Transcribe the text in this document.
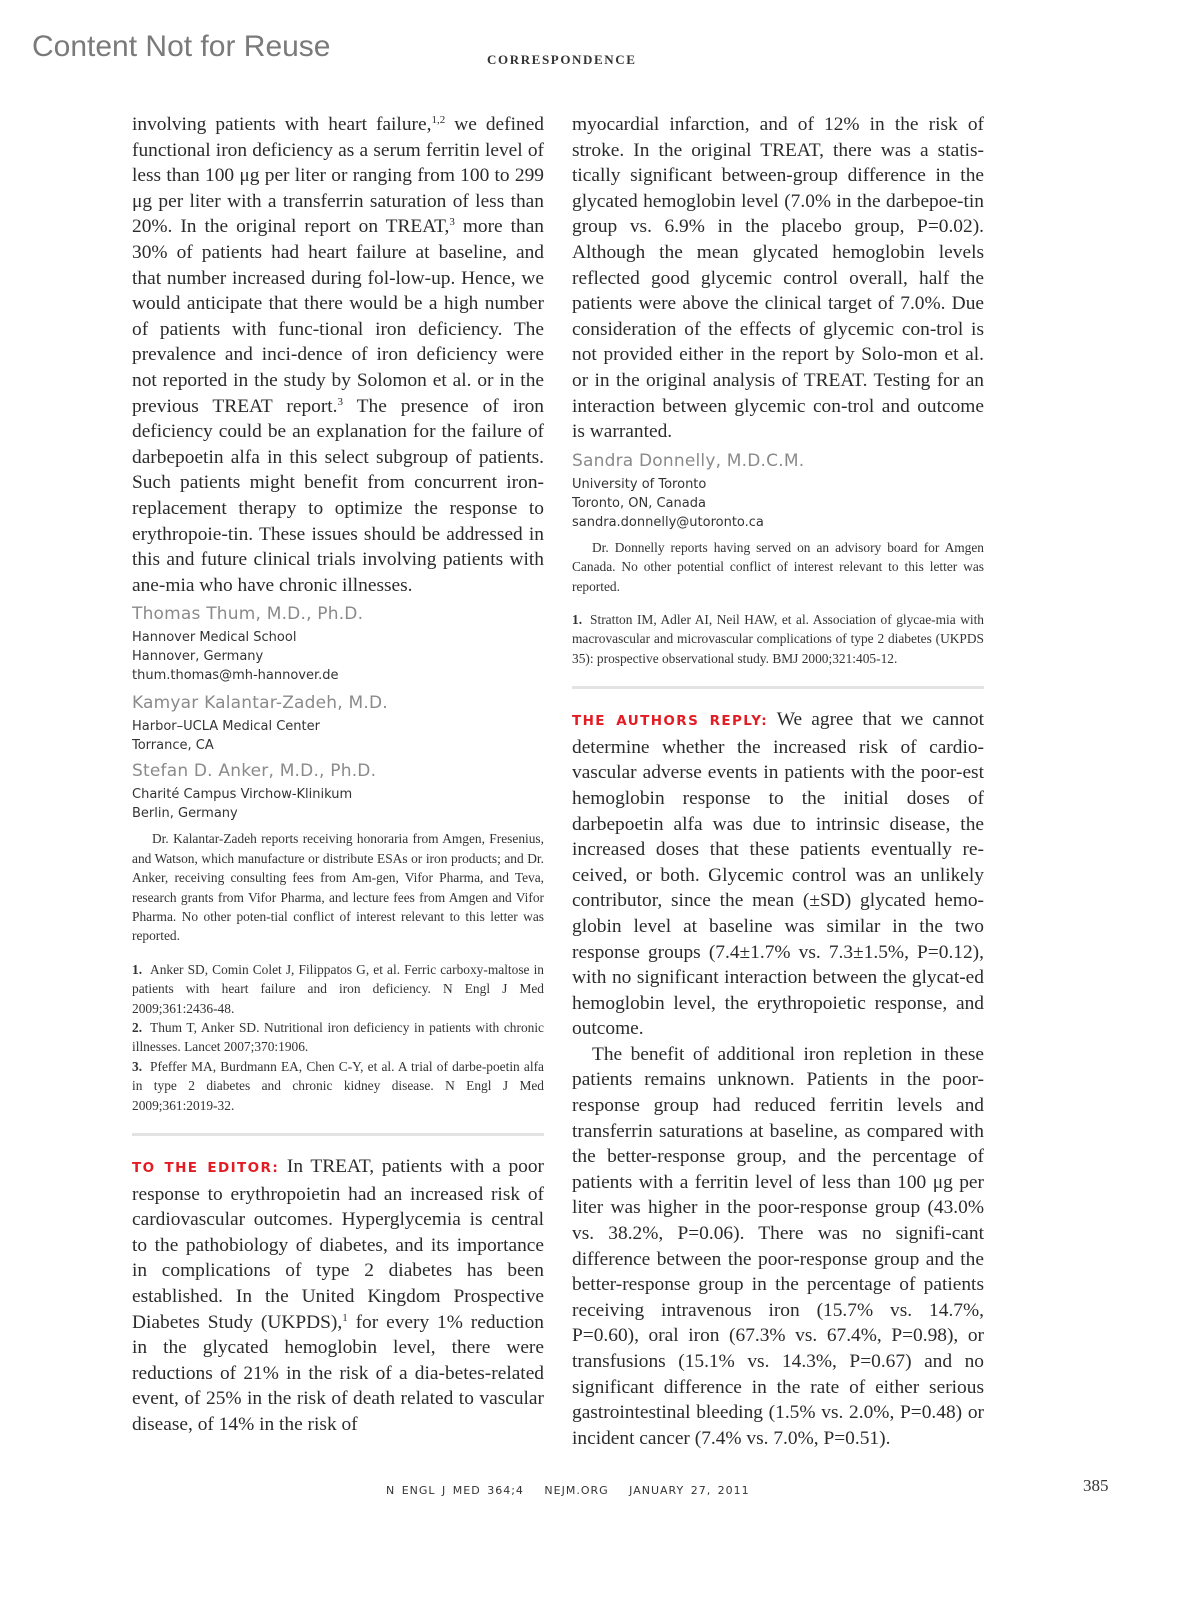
Content Not for Reuse	CORRESPONDENCE

involving patients with heart failure,$^{1,2}$ we defined functional iron deficiency as a serum ferritin level of less than 100 μg per liter or ranging from 100 to 299 μg per liter with a transferrin saturation of less than 20%. In the original report on TREAT,$^3$ more than 30% of patients had heart failure at baseline, and that number increased during fol-low-up. Hence, we would anticipate that there would be a high number of patients with func-tional iron deficiency. The prevalence and inci-dence of iron deficiency were not reported in the study by Solomon et al. or in the previous TREAT report.$^3$ The presence of iron deficiency could be an explanation for the failure of darbepoetin alfa in this select subgroup of patients. Such patients might benefit from concurrent iron-replacement therapy to optimize the response to erythropoie-tin. These issues should be addressed in this and future clinical trials involving patients with ane-mia who have chronic illnesses.

Thomas Thum, M.D., Ph.D.
Hannover Medical School
Hannover, Germany
thum.thomas@mh-hannover.de
Kamyar Kalantar-Zadeh, M.D.
Harbor–UCLA Medical Center
Torrance, CA
Stefan D. Anker, M.D., Ph.D.
Charité Campus Virchow-Klinikum
Berlin, Germany

Dr. Kalantar-Zadeh reports receiving honoraria from Amgen, Fresenius, and Watson, which manufacture or distribute ESAs or iron products; and Dr. Anker, receiving consulting fees from Am-gen, Vifor Pharma, and Teva, research grants from Vifor Pharma, and lecture fees from Amgen and Vifor Pharma. No other poten-tial conflict of interest relevant to this letter was reported.

1. Anker SD, Comin Colet J, Filippatos G, et al. Ferric carboxy-maltose in patients with heart failure and iron deficiency. N Engl J Med 2009;361:2436-48.

2. Thum T, Anker SD. Nutritional iron deficiency in patients with chronic illnesses. Lancet 2007;370:1906.

3. Pfeffer MA, Burdmann EA, Chen C-Y, et al. A trial of darbe-poetin alfa in type 2 diabetes and chronic kidney disease. N Engl J Med 2009;361:2019-32.

TO THE EDITOR: In TREAT, patients with a poor response to erythropoietin had an increased risk of cardiovascular outcomes. Hyperglycemia is central to the pathobiology of diabetes, and its importance in complications of type 2 diabetes has been established. In the United Kingdom Prospective Diabetes Study (UKPDS),$^1$ for every 1% reduction in the glycated hemoglobin level, there were reductions of 21% in the risk of a dia-betes-related event, of 25% in the risk of death related to vascular disease, of 14% in the risk of

myocardial infarction, and of 12% in the risk of stroke. In the original TREAT, there was a statis-tically significant between-group difference in the glycated hemoglobin level (7.0% in the darbepoe-tin group vs. 6.9% in the placebo group, P=0.02). Although the mean glycated hemoglobin levels reflected good glycemic control overall, half the patients were above the clinical target of 7.0%. Due consideration of the effects of glycemic con-trol is not provided either in the report by Solo-mon et al. or in the original analysis of TREAT. Testing for an interaction between glycemic con-trol and outcome is warranted.

Sandra Donnelly, M.D.C.M.
University of Toronto
Toronto, ON, Canada
sandra.donnelly@utoronto.ca

Dr. Donnelly reports having served on an advisory board for Amgen Canada. No other potential conflict of interest relevant to this letter was reported.

1. Stratton IM, Adler AI, Neil HAW, et al. Association of glycae-mia with macrovascular and microvascular complications of type 2 diabetes (UKPDS 35): prospective observational study. BMJ 2000;321:405-12.

THE AUTHORS REPLY: We agree that we cannot determine whether the increased risk of cardio-vascular adverse events in patients with the poor-est hemoglobin response to the initial doses of darbepoetin alfa was due to intrinsic disease, the increased doses that these patients eventually re-ceived, or both. Glycemic control was an unlikely contributor, since the mean (±SD) glycated hemo-globin level at baseline was similar in the two response groups (7.4±1.7% vs. 7.3±1.5%, P=0.12), with no significant interaction between the glycat-ed hemoglobin level, the erythropoietic response, and outcome.

The benefit of additional iron repletion in these patients remains unknown. Patients in the poor-response group had reduced ferritin levels and transferrin saturations at baseline, as compared with the better-response group, and the percentage of patients with a ferritin level of less than 100 μg per liter was higher in the poor-response group (43.0% vs. 38.2%, P=0.06). There was no signifi-cant difference between the poor-response group and the better-response group in the percentage of patients receiving intravenous iron (15.7% vs. 14.7%, P=0.60), oral iron (67.3% vs. 67.4%, P=0.98), or transfusions (15.1% vs. 14.3%, P=0.67) and no significant difference in the rate of either serious gastrointestinal bleeding (1.5% vs. 2.0%, P=0.48) or incident cancer (7.4% vs. 7.0%, P=0.51).

N ENGL J MED 364;4 NEJM.ORG JANUARY 27, 2011	385
